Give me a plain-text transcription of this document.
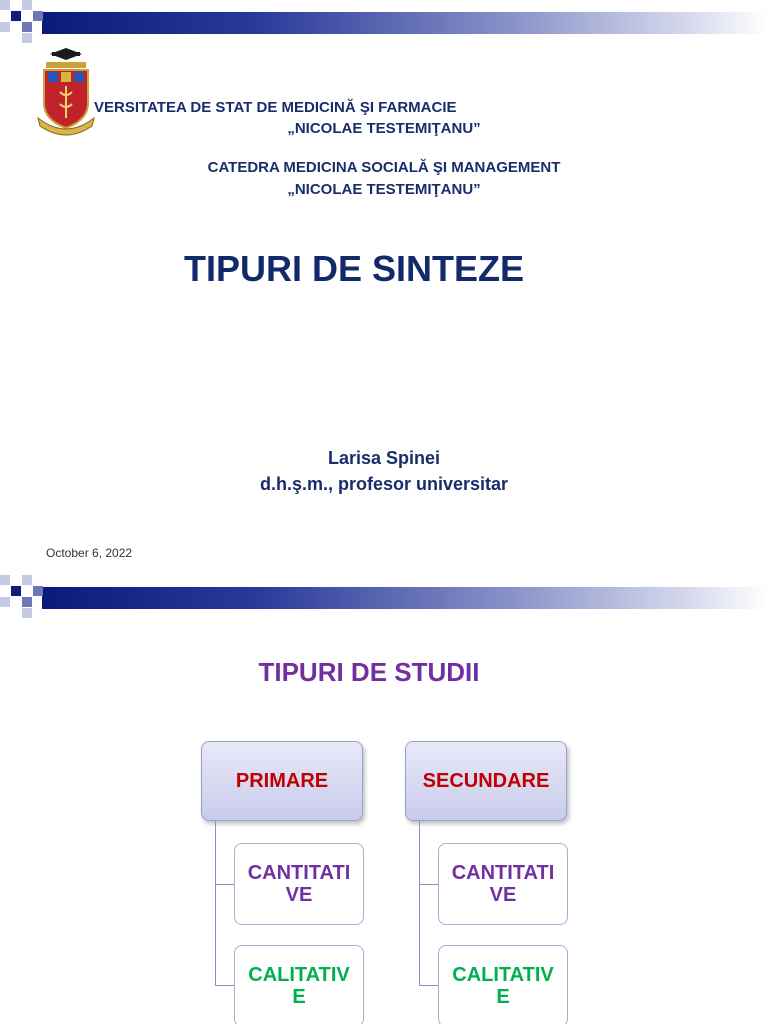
VERSITATEA DE STAT DE MEDICINĂ ŞI FARMACIE
„NICOLAE TESTEMIŢANU”
CATEDRA MEDICINA SOCIALĂ ŞI MANAGEMENT
„NICOLAE TESTEMIŢANU”
TIPURI DE SINTEZE
Larisa Spinei
d.h.ş.m., profesor universitar
October 6, 2022
TIPURI DE STUDII
PRIMARE
CANTITATI
VE
CALITATIV
E
SECUNDARE
CANTITATI
VE
CALITATIV
E
